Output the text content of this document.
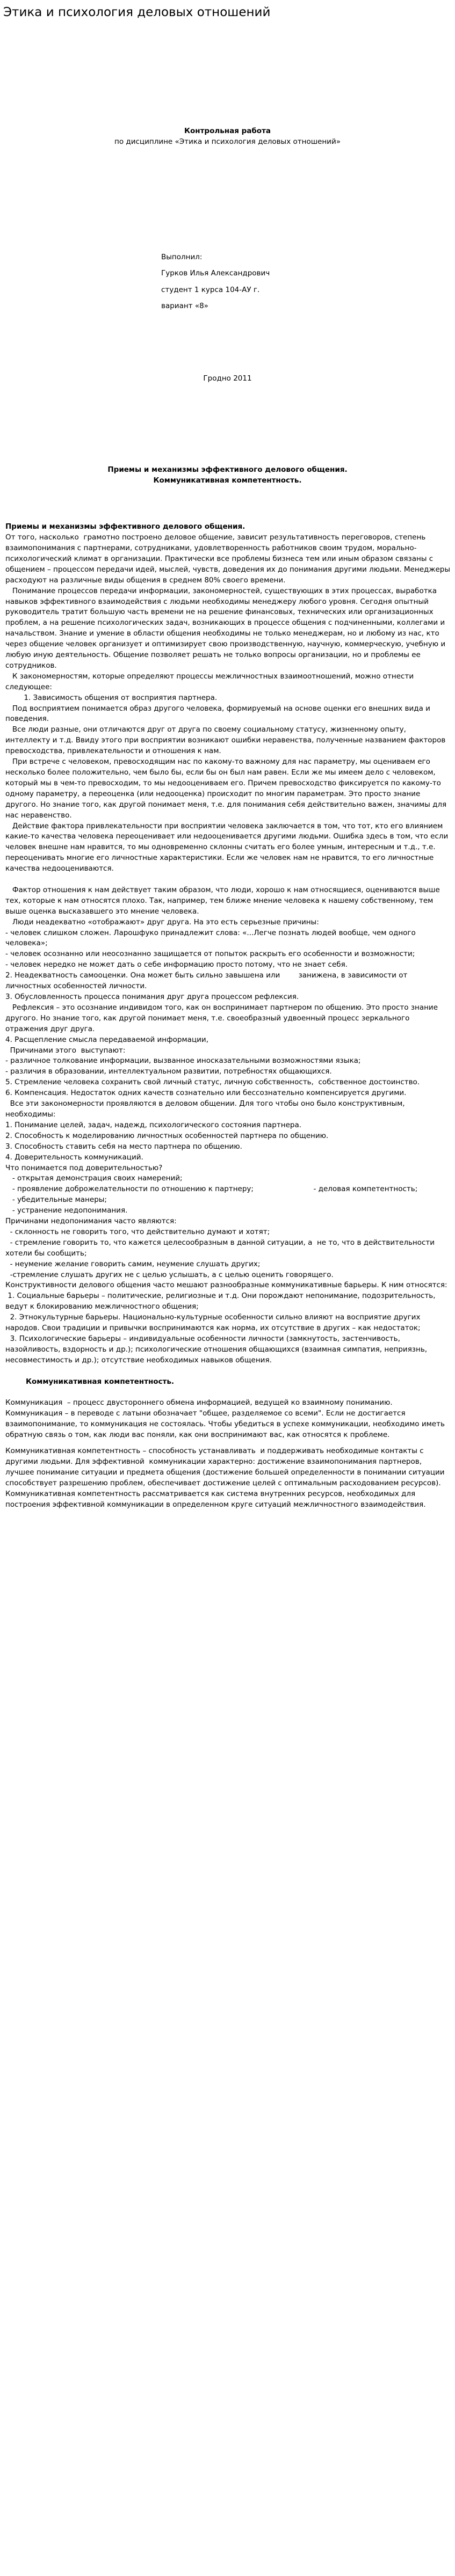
Этика и психология деловых отношений

Контрольная работа

по дисциплине «Этика и психология деловых отношений»

Выполнил:

Гурков Илья Александрович

студент 1 курса 104-АУ г.

вариант «8»

Гродно 2011

Приемы и механизмы эффективного делового общения.

Коммуникативная компетентность.

Приемы и механизмы эффективного делового общения.

От того, насколько  грамотно построено деловое общение, зависит результативность переговоров, степень взаимопонимания с партнерами, сотрудниками, удовлетворенность работников своим трудом, морально-психологический климат в организации. Практически все проблемы бизнеса тем или иным образом связаны с общением – процессом передачи идей, мыслей, чувств, доведения их до понимания другими людьми. Менеджеры расходуют на различные виды общения в среднем 80% своего времени.

Понимание процессов передачи информации, закономерностей, существующих в этих процессах, выработка навыков эффективного взаимодействия с людьми необходимы менеджеру любого уровня. Сегодня опытный руководитель тратит большую часть времени не на решение финансовых, технических или организационных проблем, а на решение психологических задач, возникающих в процессе общения с подчиненными, коллегами и начальством. Знание и умение в области общения необходимы не только менеджерам, но и любому из нас, кто через общение человек организует и оптимизирует свою производственную, научную, коммерческую, учебную и любую иную деятельность. Общение позволяет решать не только вопросы организации, но и проблемы ее сотрудников.

К закономерностям, которые определяют процессы межличностных взаимоотношений, можно отнести следующее:

1. Зависимость общения от восприятия партнера.

Под восприятием понимается образ другого человека, формируемый на основе оценки его внешних вида и поведения.

Все люди разные, они отличаются друг от друга по своему социальному статусу, жизненному опыту, интеллекту и т.д. Ввиду этого при восприятии возникают ошибки неравенства, полученные названием факторов превосходства, привлекательности и отношения к нам.

При встрече с человеком, превосходящим нас по какому-то важному для нас параметру, мы оцениваем его несколько более положительно, чем было бы, если бы он был нам равен. Если же мы имеем дело с человеком, который мы в чем-то превосходим, то мы недооцениваем его. Причем превосходство фиксируется по какому-то одному параметру, а переоценка (или недооценка) происходит по многим параметрам. Это просто знание другого. Но знание того, как другой понимает меня, т.е. для понимания себя действительно важен, значимы для нас неравенство.

Действие фактора привлекательности при восприятии человека заключается в том, что тот, кто его влиянием какие-то качества человека переоценивает или недооценивается другими людьми. Ошибка здесь в том, что если человек внешне нам нравится, то мы одновременно склонны считать его более умным, интересным и т.д., т.е. переоценивать многие его личностные характеристики. Если же человек нам не нравится, то его личностные качества недооцениваются.

Фактор отношения к нам действует таким образом, что люди, хорошо к нам относящиеся, оцениваются выше тех, которые к нам относятся плохо. Так, например, тем ближе мнение человека к нашему собственному, тем выше оценка высказавшего это мнение человека.

Люди неадекватно «отображают» друг друга. На это есть серьезные причины:

- человек слишком сложен. Ларошфуко принадлежит слова: «...Легче познать людей вообще, чем одного человека»;

- человек осознанно или неосознанно защищается от попыток раскрыть его особенности и возможности;

- человек нередко не может дать о себе информацию просто потому, что не знает себя.

2. Неадекватность самооценки. Она может быть сильно завышена или        занижена, в зависимости от личностных особенностей личности.

3. Обусловленность процесса понимания друг друга процессом рефлексия.

Рефлексия – это осознание индивидом того, как он воспринимает партнером по общению. Это просто знание другого. Но знание того, как другой понимает меня, т.е. своеобразный удвоенный процесс зеркального отражения друг друга.

4. Расщепление смысла передаваемой информации,

Причинами этого  выступают:

- различное толкование информации, вызванное иносказательными возможностями языка;

- различия в образовании, интеллектуальном развитии, потребностях общающихся.

5. Стремление человека сохранить свой личный статус, личную собственность,  собственное достоинство.

6. Компенсация. Недостаток одних качеств сознательно или бессознательно компенсируется другими.

Все эти закономерности проявляются в деловом общении. Для того чтобы оно было конструктивным, необходимы:

1. Понимание целей, задач, надежд, психологического состояния партнера.

2. Способность к моделированию личностных особенностей партнера по общению.

3. Способность ставить себя на место партнера по общению.

4. Доверительность коммуникаций.

Что понимается под доверительностью?

- открытая демонстрация своих намерений;

- проявление доброжелательности по отношению к партнеру;                          - деловая компетентность;

- убедительные манеры;

- устранение недопонимания.

Причинами недопонимания часто являются:

- склонность не говорить того, что действительно думают и хотят;

- стремление говорить то, что кажется целесообразным в данной ситуации, а  не то, что в действительности хотели бы сообщить;

- неумение желание говорить самим, неумение слушать других;

-стремление слушать других не с целью услышать, а с целью оценить говорящего.

Конструктивности делового общения часто мешают разнообразные коммуникативные барьеры. К ним относятся:

1. Социальные барьеры – политические, религиозные и т.д. Они порождают непонимание, подозрительность, ведут к блокированию межличностного общения;

2. Этнокультурные барьеры. Национально-культурные особенности сильно влияют на восприятие других народов. Свои традиции и привычки воспринимаются как норма, их отсутствие в других – как недостаток;

3. Психологические барьеры – индивидуальные особенности личности (замкнутость, застенчивость, назойливость, вздорность и др.); психологические отношения общающихся (взаимная симпатия, неприязнь, несовместимость и др.); отсутствие необходимых навыков общения.

Коммуникативная компетентность.

Коммуникация  – процесс двустороннего обмена информацией, ведущей ко взаимному пониманию. Коммуникация – в переводе с латыни обозначает "общее, разделяемое со всеми". Если не достигается взаимопонимание, то коммуникация не состоялась. Чтобы убедиться в успехе коммуникации, необходимо иметь обратную связь о том, как люди вас поняли, как они воспринимают вас, как относятся к проблеме.

Коммуникативная компетентность – способность устанавливать  и поддерживать необходимые контакты с другими людьми. Для эффективной  коммуникации характерно: достижение взаимопонимания партнеров, лучшее понимание ситуации и предмета общения (достижение большей определенности в понимании ситуации способствует разрешению проблем, обеспечивает достижение целей с оптимальным расходованием ресурсов). Коммуникативная компетентность рассматривается как система внутренних ресурсов, необходимых для построения эффективной коммуникации в определенном круге ситуаций межличностного взаимодействия.
